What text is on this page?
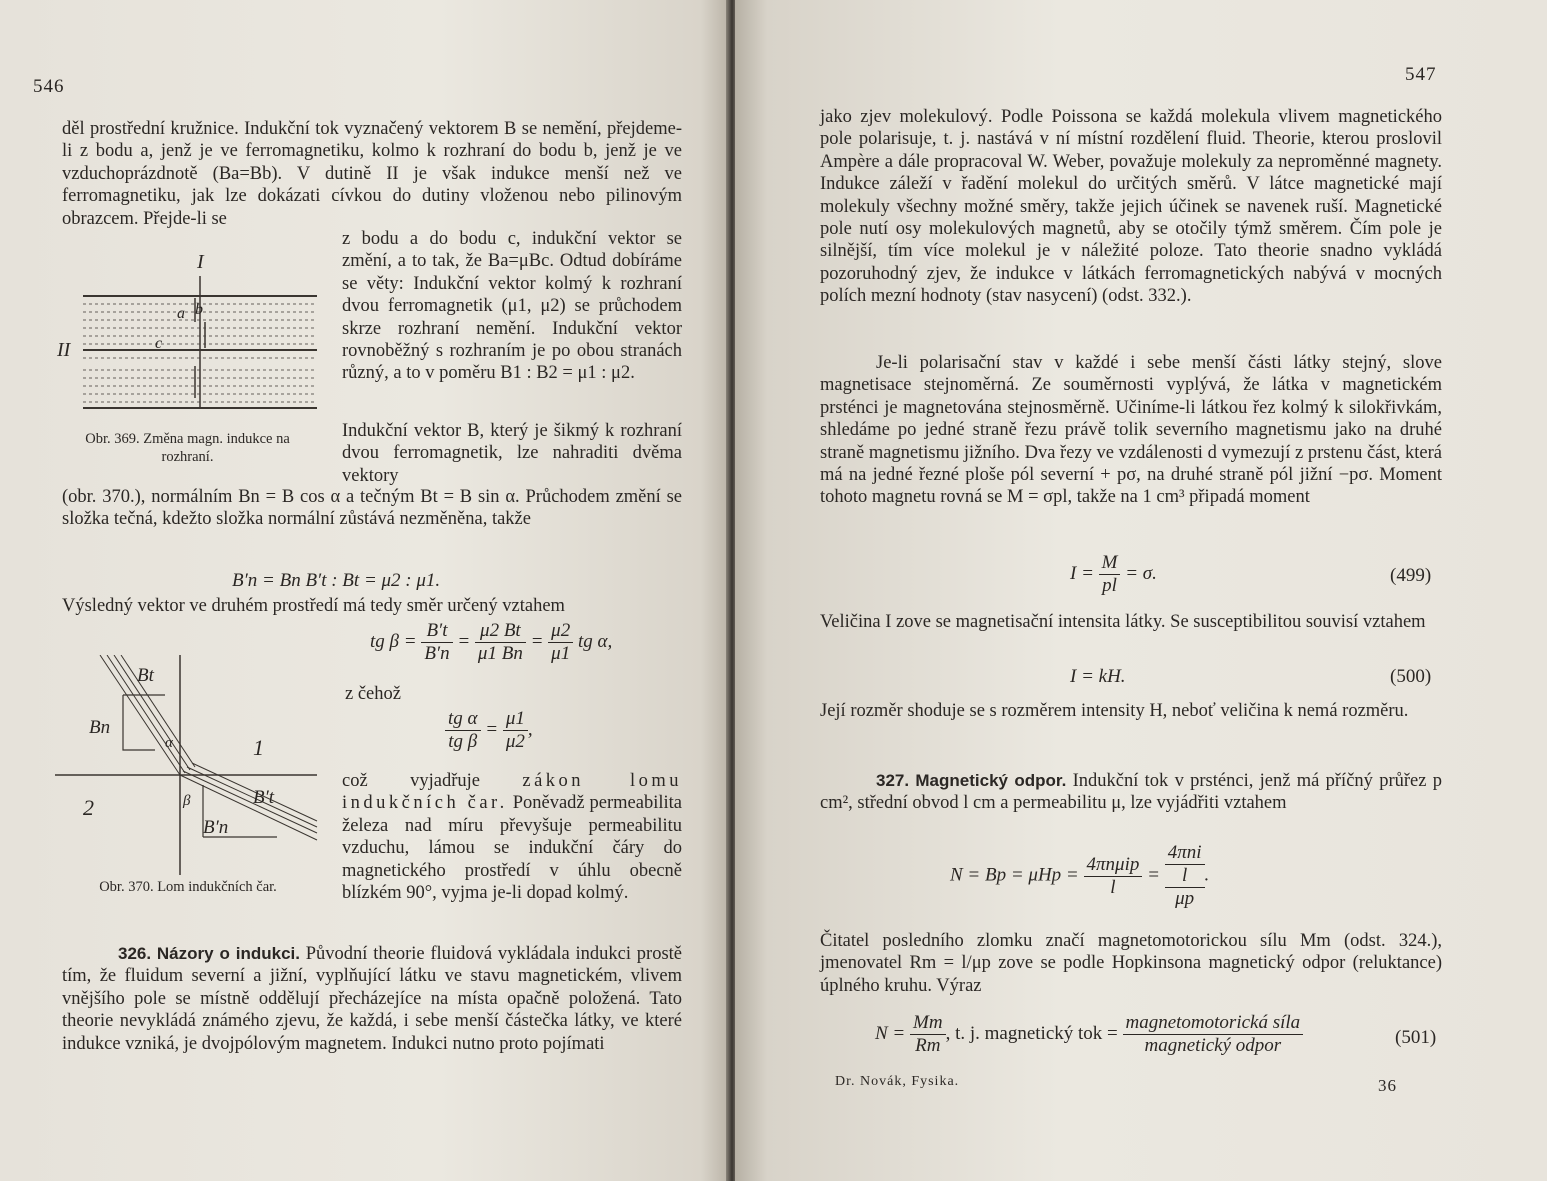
546
děl prostřední kružnice. Indukční tok vyznačený vektorem B se nemění, přejdeme-li z bodu a, jenž je ve ferromagnetiku, kolmo k rozhraní do bodu b, jenž je ve vzduchoprázdnotě (Ba=Bb). V dutině II je však indukce menší než ve ferromagnetiku, jak lze dokázati cívkou do dutiny vloženou nebo pilinovým obrazcem. Přejde-li se
I
II
a b
c
Obr. 369. Změna magn. indukce na rozhraní.
z bodu a do bodu c, indukční vektor se změní, a to tak, že Ba=μBc. Odtud dobíráme se věty: Indukční vektor kolmý k rozhraní dvou ferromagnetik (μ1, μ2) se průchodem skrze rozhraní nemění. Indukční vektor rovnoběžný s rozhraním je po obou stranách různý, a to v poměru B1 : B2 = μ1 : μ2.
Indukční vektor B, který je šikmý k rozhraní dvou ferromagnetik, lze nahraditi dvěma vektory
(obr. 370.), normálním Bn = B cos α a tečným Bt = B sin α. Průchodem změní se složka tečná, kdežto složka normální zůstává nezměněna, takže
B′n = Bn B′t : Bt = μ2 : μ1.
Výsledný vektor ve druhém prostředí má tedy směr určený vztahem
tg $\beta = \frac{B't}{B'n} = \frac{\mu 2 Bt}{\mu 1 Bn} = \frac{\mu 2}{\mu 1}$ tg α,
z čehož
$\frac{\text{tg α}}{\text{tg β}} = \frac{\mu 1}{\mu 2}$ ,
Bt
Bn
α	1
2	β	B′t
B′n
Obr. 370. Lom indukčních čar.
což vyjadřuje zákon lomu indukčních čar. Poněvadž permeabilita železa nad míru převyšuje permeabilitu vzduchu, lámou se indukční čáry do magnetického prostředí v úhlu obecně blízkém 90°, vyjma je-li dopad kolmý.

326. Názory o indukci. Původní theorie fluidová vykládala indukci prostě tím, že fluidum severní a jižní, vyplňující látku ve stavu magnetickém, vlivem vnějšího pole se místně oddělují přecházejíce na místa opačně položená. Tato theorie nevykládá známého zjevu, že každá, i sebe menší částečka látky, ve které indukce vzniká, je dvojpólovým magnetem. Indukci nutno proto pojímati

547
jako zjev molekulový. Podle Poissona se každá molekula vlivem magnetického pole polarisuje, t. j. nastává v ní místní rozdělení fluid. Theorie, kterou proslovil Ampère a dále propracoval W. Weber, považuje molekuly za neproměnné magnety. Indukce záleží v řadění molekul do určitých směrů. V látce magnetické mají molekuly všechny možné směry, takže jejich účinek se navenek ruší. Magnetické pole nutí osy molekulových magnetů, aby se otočily týmž směrem. Čím pole je silnější, tím více molekul je v náležité poloze. Tato theorie snadno vykládá pozoruhodný zjev, že indukce v látkách ferromagnetických nabývá v mocných polích mezní hodnoty (stav nasycení) (odst. 332.).

Je-li polarisační stav v každé i sebe menší části látky stejný, slove magnetisace stejnoměrná. Ze souměrnosti vyplývá, že látka v magnetickém prsténci je magnetována stejnosměrně. Učiníme-li látkou řez kolmý k silokřivkám, shledáme po jedné straně řezu právě tolik severního magnetismu jako na druhé straně magnetismu jižního. Dva řezy ve vzdálenosti d vymezují z prstenu část, která má na jedné řezné ploše pól severní + pσ, na druhé straně pól jižní −pσ. Moment tohoto magnetu rovná se M = σpl, takže na 1 cm³ připadá moment

$I = \frac{M}{pl} = \sigma$.	(499)
Veličina I zove se magnetisační intensita látky. Se susceptibilitou souvisí vztahem
I = kH.	(500)
Její rozměr shoduje se s rozměrem intensity H, neboť veličina k nemá rozměru.

327. Magnetický odpor. Indukční tok v prsténci, jenž má příčný průřez p cm², střední obvod l cm a permeabilitu μ, lze vyjádřiti vztahem

$N = Bp = \mu Hp = \frac{\text{4πnμip}}{l}$ =
4πni
l
μp
.
Čitatel posledního zlomku značí magnetomotorickou sílu Mm (odst. 324.), jmenovatel Rm = l/μp zove se podle Hopkinsona magnetický odpor (reluktance) úplného kruhu. Výraz
$N = \frac{Mm}{Rm}$ , t. j. magnetický tok = $\frac{\text{magnetomotorická síla}}{\text{magnetický odpor}}$	(501)
Dr. Novák, Fysika.	36
